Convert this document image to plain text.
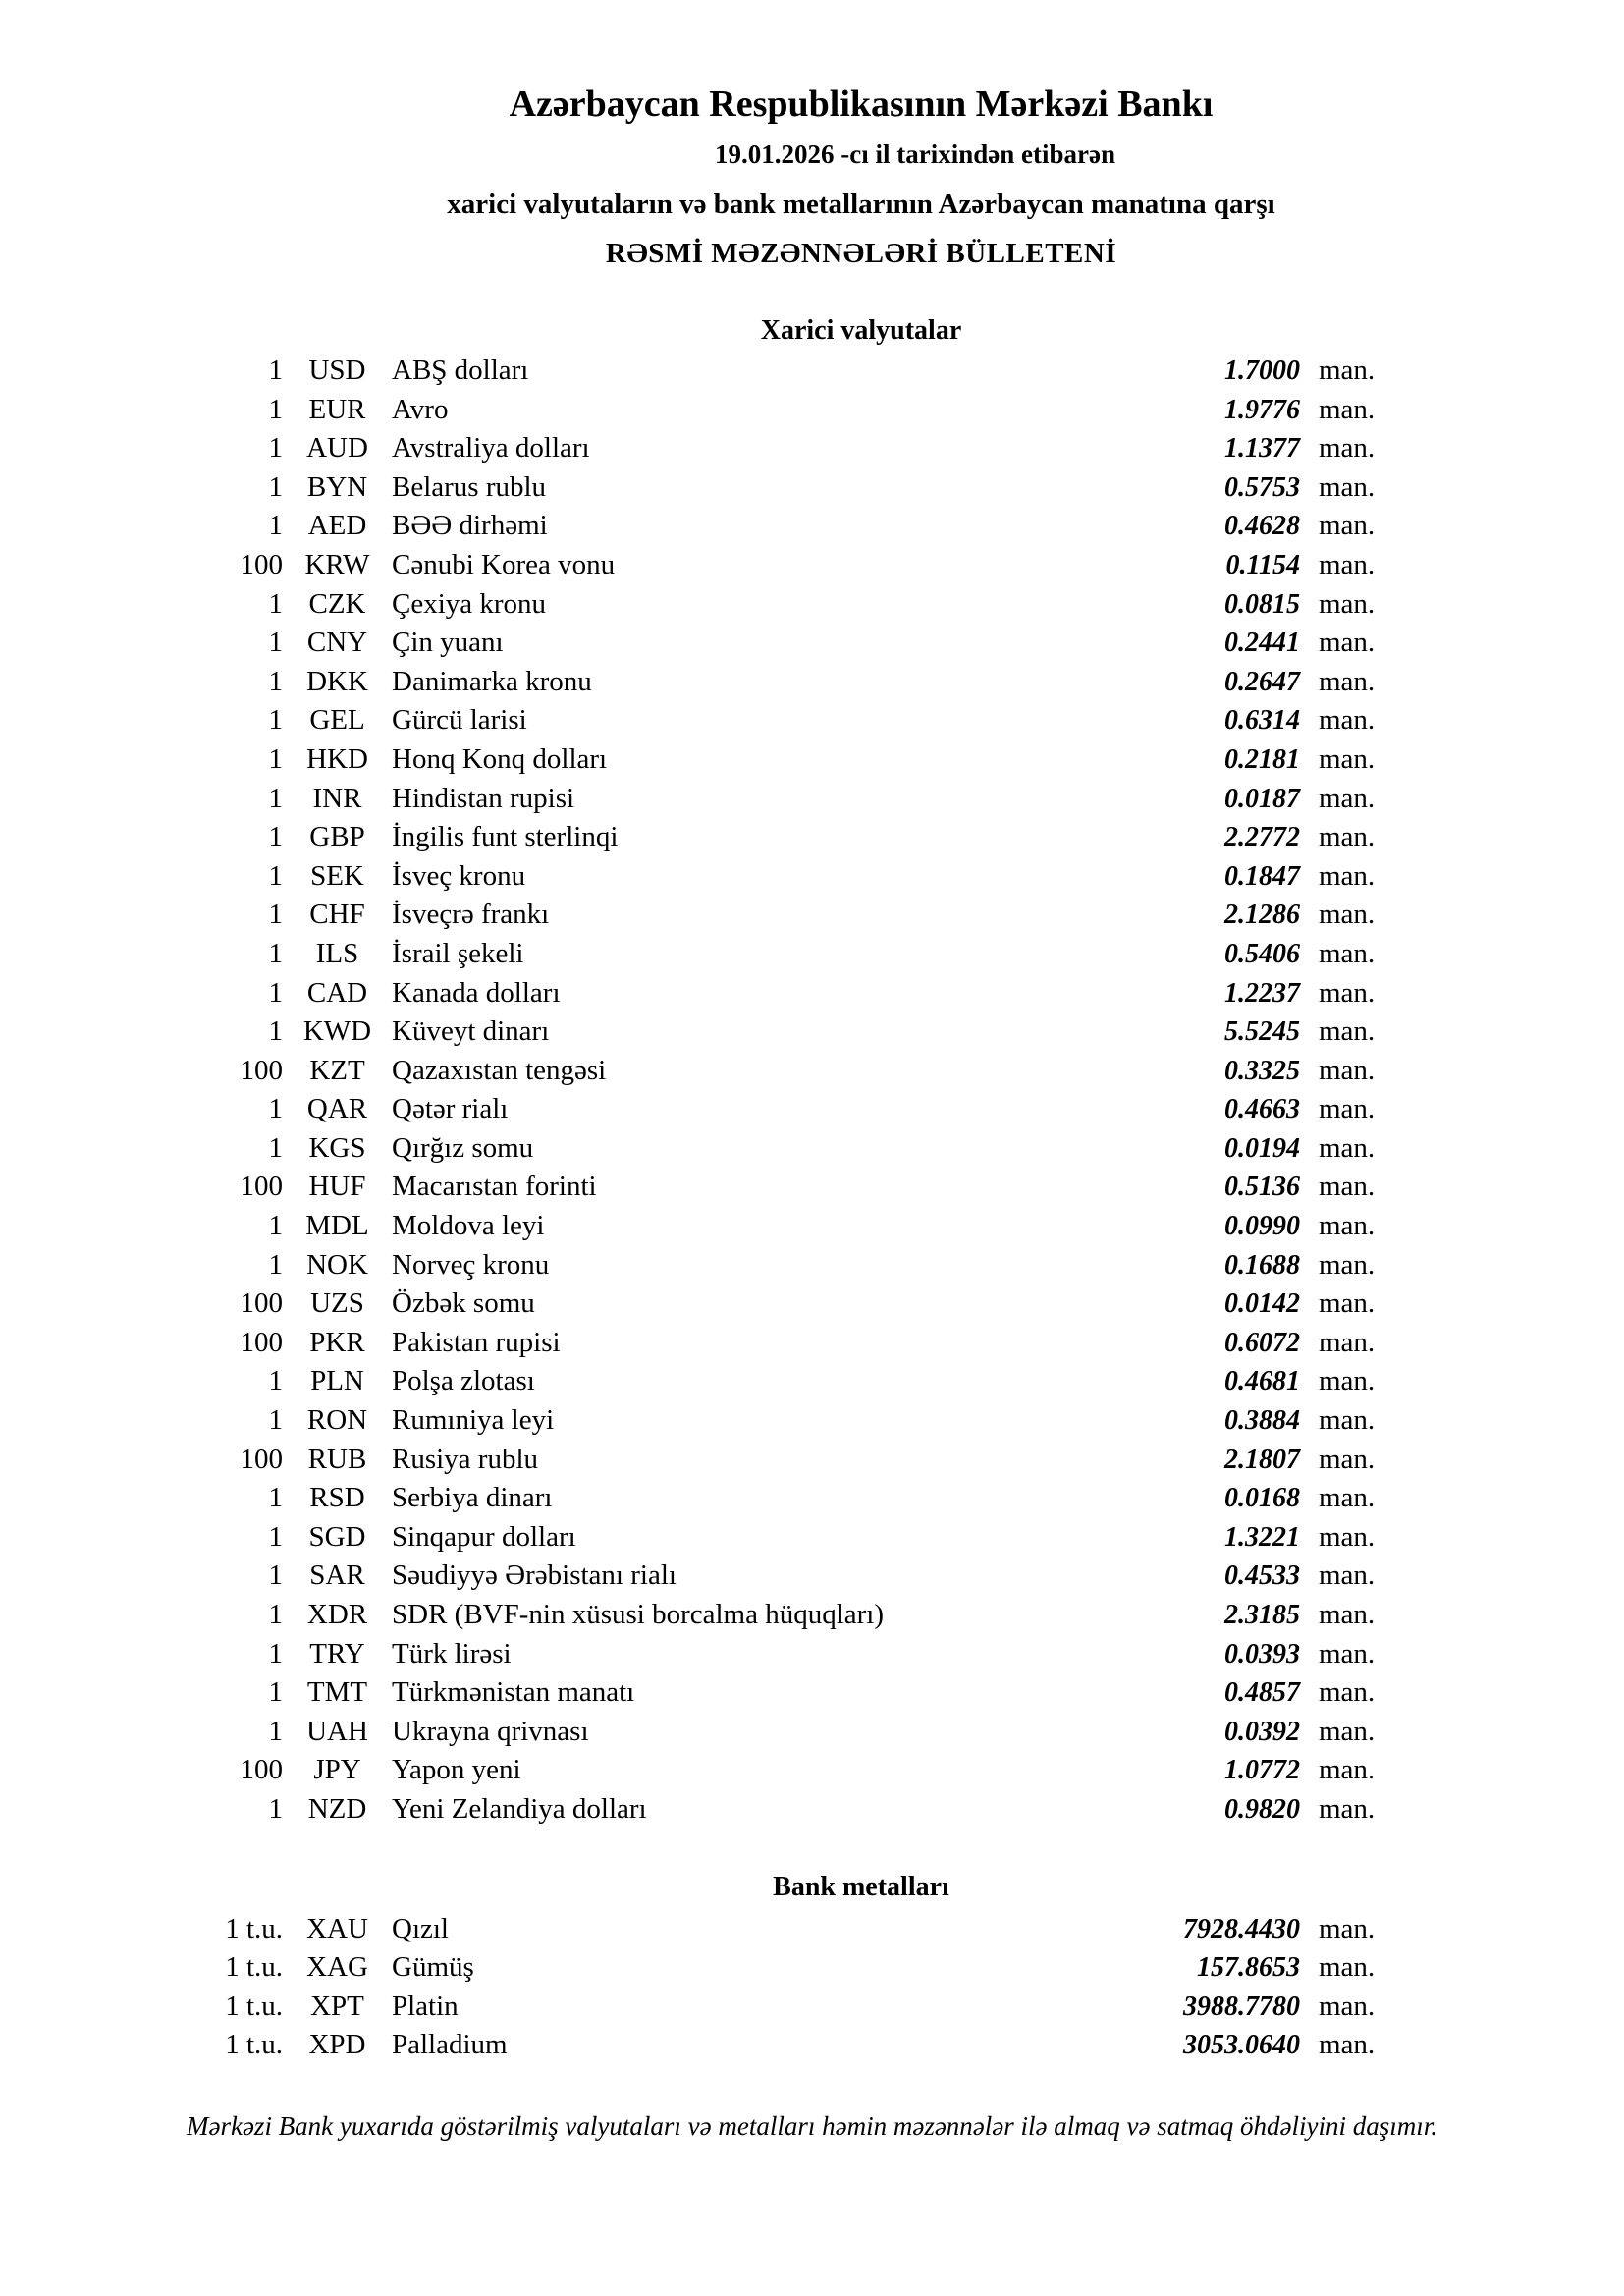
Azərbaycan Respublikasının Mərkəzi Bankı
19.01.2026 -cı il tarixindən etibarən
xarici valyutaların və bank metallarının Azərbaycan manatına qarşı
RƏSMİ MƏZƏNNƏLƏRİ BÜLLETENİ
Xarici valyutalar
1 USD ABŞ dolları	1.7000 man.
1 EUR Avro	1.9776 man.
1 AUD Avstraliya dolları	1.1377 man.
1 BYN Belarus rublu	0.5753 man.
1 AED BƏƏ dirhəmi	0.4628 man.
100 KRW Cənubi Korea vonu	0.1154 man.
1 CZK Çexiya kronu	0.0815 man.
1 CNY Çin yuanı	0.2441 man.
1 DKK Danimarka kronu	0.2647 man.
1 GEL Gürcü larisi	0.6314 man.
1 HKD Honq Konq dolları	0.2181 man.
1	INR	Hindistan rupisi	0.0187 man.
1 GBP İngilis funt sterlinqi	2.2772 man.
1 SEK İsveç kronu	0.1847 man.
1 CHF İsveçrə frankı	2.1286 man.
1	ILS	İsrail şekeli	0.5406 man.
1 CAD Kanada dolları	1.2237 man.
1 KWD Küveyt dinarı	5.5245 man.
100 KZT Qazaxıstan tengəsi	0.3325 man.
1 QAR Qətər rialı	0.4663 man.
1 KGS Qırğız somu	0.0194 man.
100 HUF Macarıstan forinti	0.5136 man.
1 MDL Moldova leyi	0.0990 man.
1 NOK Norveç kronu	0.1688 man.
100 UZS Özbək somu	0.0142 man.
100 PKR Pakistan rupisi	0.6072 man.
1 PLN Polşa zlotası	0.4681 man.
1 RON Rumıniya leyi	0.3884 man.
100 RUB Rusiya rublu	2.1807 man.
1 RSD Serbiya dinarı	0.0168 man.
1 SGD Sinqapur dolları	1.3221 man.
1 SAR Səudiyyə Ərəbistanı rialı	0.4533 man.
1 XDR SDR (BVF-nin xüsusi borcalma hüquqları)	2.3185 man.
1 TRY Türk lirəsi	0.0393 man.
1 TMT Türkmənistan manatı	0.4857 man.
1 UAH Ukrayna qrivnası	0.0392 man.
100	JPY	Yapon yeni	1.0772 man.
1 NZD Yeni Zelandiya dolları	0.9820 man.
Bank metalları
1 t.u. XAU Qızıl	7928.4430 man.
1 t.u. XAG Gümüş	157.8653 man.
1 t.u. XPT Platin	3988.7780 man.
1 t.u. XPD Palladium	3053.0640 man.
Mərkəzi Bank yuxarıda göstərilmiş valyutaları və metalları həmin məzənnələr ilə almaq və satmaq öhdəliyini daşımır.
